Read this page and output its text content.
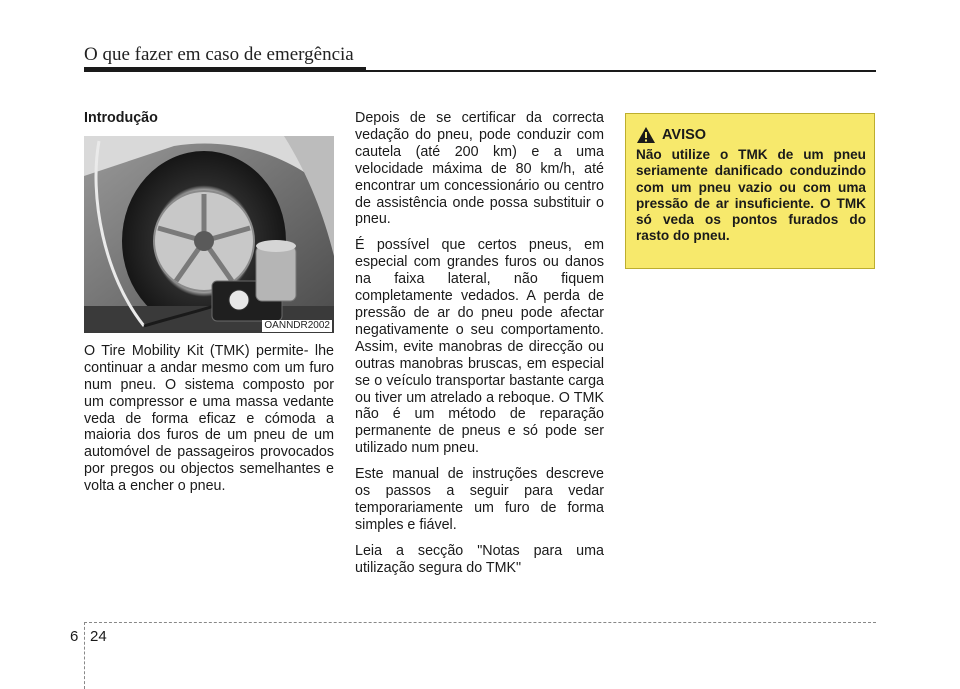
O que fazer em caso de emergência
Introdução
OANNDR2002

O Tire Mobility Kit (TMK) permite- lhe continuar a andar mesmo com um furo num pneu. O sistema composto por um compressor e uma massa vedante veda de forma eficaz e cómoda a maioria dos furos de um pneu de um automóvel de passageiros provocados por pregos ou objectos semelhantes e volta a encher o pneu.

Depois de se certificar da correcta vedação do pneu, pode conduzir com cautela (até 200 km) e a uma velocidade máxima de 80 km/h, até encontrar um concessionário ou centro de assistência onde possa substituir o pneu.

É possível que certos pneus, em especial com grandes furos ou danos na faixa lateral, não fiquem completamente vedados. A perda de pressão de ar do pneu pode afectar negativamente o seu comportamento. Assim, evite manobras de direcção ou outras manobras bruscas, em especial se o veículo transportar bastante carga ou tiver um atrelado a reboque. O TMK não é um método de reparação permanente de pneus e só pode ser utilizado num pneu.

Este manual de instruções descreve os passos a seguir para vedar temporariamente um furo de forma simples e fiável.

Leia a secção "Notas para uma utilização segura do TMK"

AVISO
Não utilize o TMK de um pneu seriamente danificado conduzindo com um pneu vazio ou com uma pressão de ar insuficiente. O TMK só veda os pontos furados do rasto do pneu.
6 24
